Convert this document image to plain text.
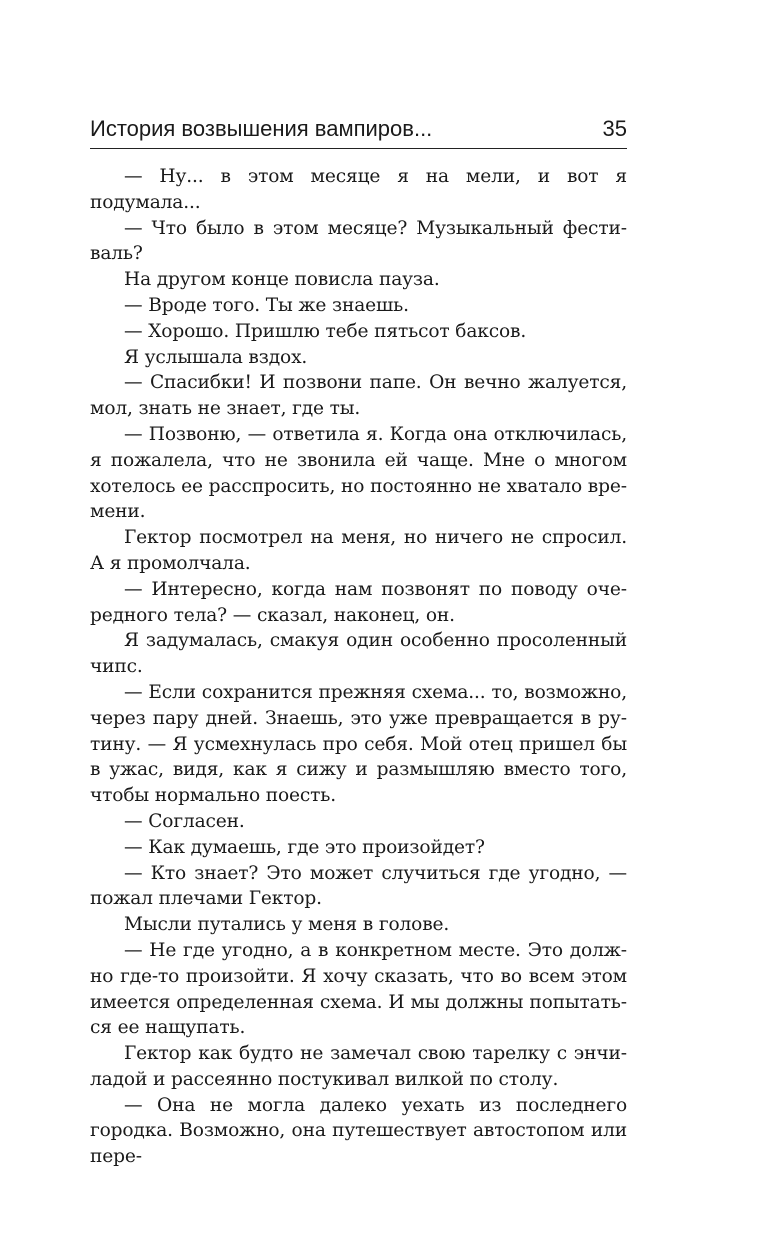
История возвышения вампиров...	35

— Ну... в этом месяце я на мели, и вот я подумала...

— Что было в этом месяце? Музыкальный фестиваль?

На другом конце повисла пауза.

— Вроде того. Ты же знаешь.

— Хорошо. Пришлю тебе пятьсот баксов.

Я услышала вздох.

— Спасибки! И позвони папе. Он вечно жалуется, мол, знать не знает, где ты.

— Позвоню, — ответила я. Когда она отключилась, я пожалела, что не звонила ей чаще. Мне о многом хотелось ее расспросить, но постоянно не хватало времени.

Гектор посмотрел на меня, но ничего не спросил. А я промолчала.

— Интересно, когда нам позвонят по поводу очередного тела? — сказал, наконец, он.

Я задумалась, смакуя один особенно просоленный чипс.

— Если сохранится прежняя схема... то, возможно, через пару дней. Знаешь, это уже превращается в рутину. — Я усмехнулась про себя. Мой отец пришел бы в ужас, видя, как я сижу и размышляю вместо того, чтобы нормально поесть.

— Согласен.

— Как думаешь, где это произойдет?

— Кто знает? Это может случиться где угодно, — пожал плечами Гектор.

Мысли путались у меня в голове.

— Не где угодно, а в конкретном месте. Это должно где-то произойти. Я хочу сказать, что во всем этом имеется определенная схема. И мы должны попытаться ее нащупать.

Гектор как будто не замечал свою тарелку с энчиладой и рассеянно постукивал вилкой по столу.

— Она не могла далеко уехать из последнего городка. Возможно, она путешествует автостопом или пере-
